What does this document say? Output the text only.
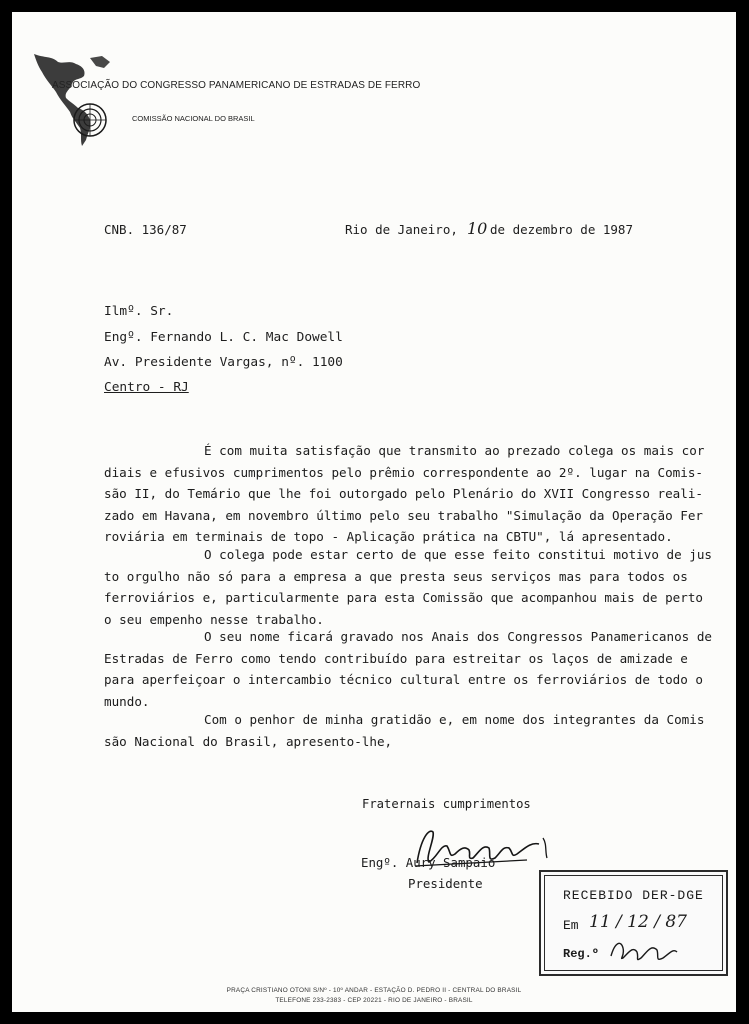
ASSOCIAÇÃO DO CONGRESSO PANAMERICANO DE ESTRADAS DE FERRO
COMISSÃO NACIONAL DO BRASIL
CNB. 136/87	Rio de Janeiro, 10 de dezembro de 1987
Ilmº. Sr.
Engº. Fernando L. C. Mac Dowell
Av. Presidente Vargas, nº. 1100
Centro - RJ
É com muita satisfação que transmito ao prezado colega os mais cor
diais e efusivos cumprimentos pelo prêmio correspondente ao 2º. lugar na Comis-
são II, do Temário que lhe foi outorgado pelo Plenário do XVII Congresso reali-
zado em Havana, em novembro último pelo seu trabalho "Simulação da Operação Fer
roviária em terminais de topo - Aplicação prática na CBTU", lá apresentado.
O colega pode estar certo de que esse feito constitui motivo de jus
to orgulho não só para a empresa a que presta seus serviços mas para todos os
ferroviários e, particularmente para esta Comissão que acompanhou mais de perto
o seu empenho nesse trabalho.
O seu nome ficará gravado nos Anais dos Congressos Panamericanos de
Estradas de Ferro como tendo contribuído para estreitar os laços de amizade e
para aperfeiçoar o intercambio técnico cultural entre os ferroviários de todo o
mundo.
Com o penhor de minha gratidão e, em nome dos integrantes da Comis
são Nacional do Brasil, apresento-lhe,
Fraternais cumprimentos
Engº. Aury Sampaio
Presidente
RECEBIDO DER-DGE
Em 11 / 12 / 87
Reg.º
PRAÇA CRISTIANO OTONI S/Nº - 10º ANDAR - ESTAÇÃO D. PEDRO II - CENTRAL DO BRASIL
TELEFONE 233-2383 - CEP 20221 - RIO DE JANEIRO - BRASIL
